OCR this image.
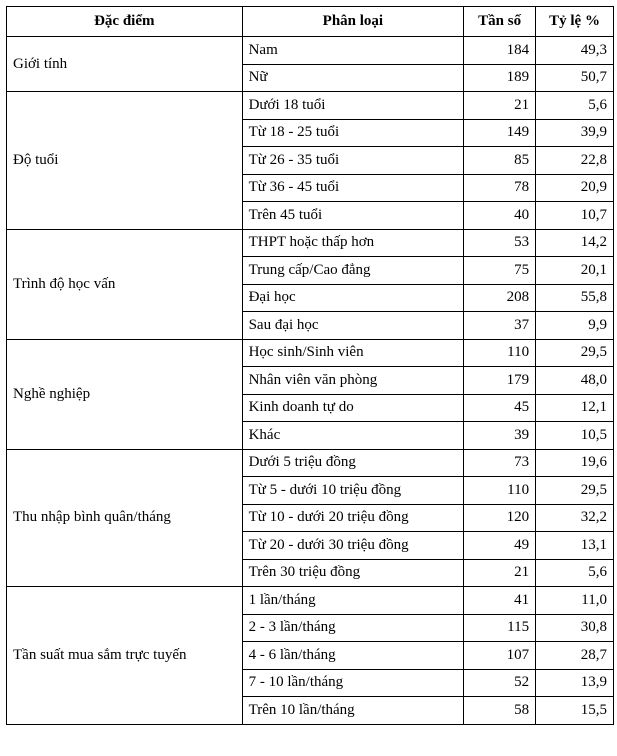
Đặc điểm	Phân loại	Tần số	Tỷ lệ %
Giới tính	Nam	184	49,3
	Nữ	189	50,7
Độ tuổi	Dưới 18 tuổi	21	5,6
	Từ 18 - 25 tuổi	149	39,9
	Từ 26 - 35 tuổi	85	22,8
	Từ 36 - 45 tuổi	78	20,9
	Trên 45 tuổi	40	10,7
Trình độ học vấn	THPT hoặc thấp hơn	53	14,2
	Trung cấp/Cao đẳng	75	20,1
	Đại học	208	55,8
	Sau đại học	37	9,9
Nghề nghiệp	Học sinh/Sinh viên	110	29,5
	Nhân viên văn phòng	179	48,0
	Kinh doanh tự do	45	12,1
	Khác	39	10,5
Thu nhập bình quân/tháng	Dưới 5 triệu đồng	73	19,6
	Từ 5 - dưới 10 triệu đồng	110	29,5
	Từ 10 - dưới 20 triệu đồng	120	32,2
	Từ 20 - dưới 30 triệu đồng	49	13,1
	Trên 30 triệu đồng	21	5,6
Tần suất mua sắm trực tuyến	1 lần/tháng	41	11,0
	2 - 3 lần/tháng	115	30,8
	4 - 6 lần/tháng	107	28,7
	7 - 10 lần/tháng	52	13,9
	Trên 10 lần/tháng	58	15,5
